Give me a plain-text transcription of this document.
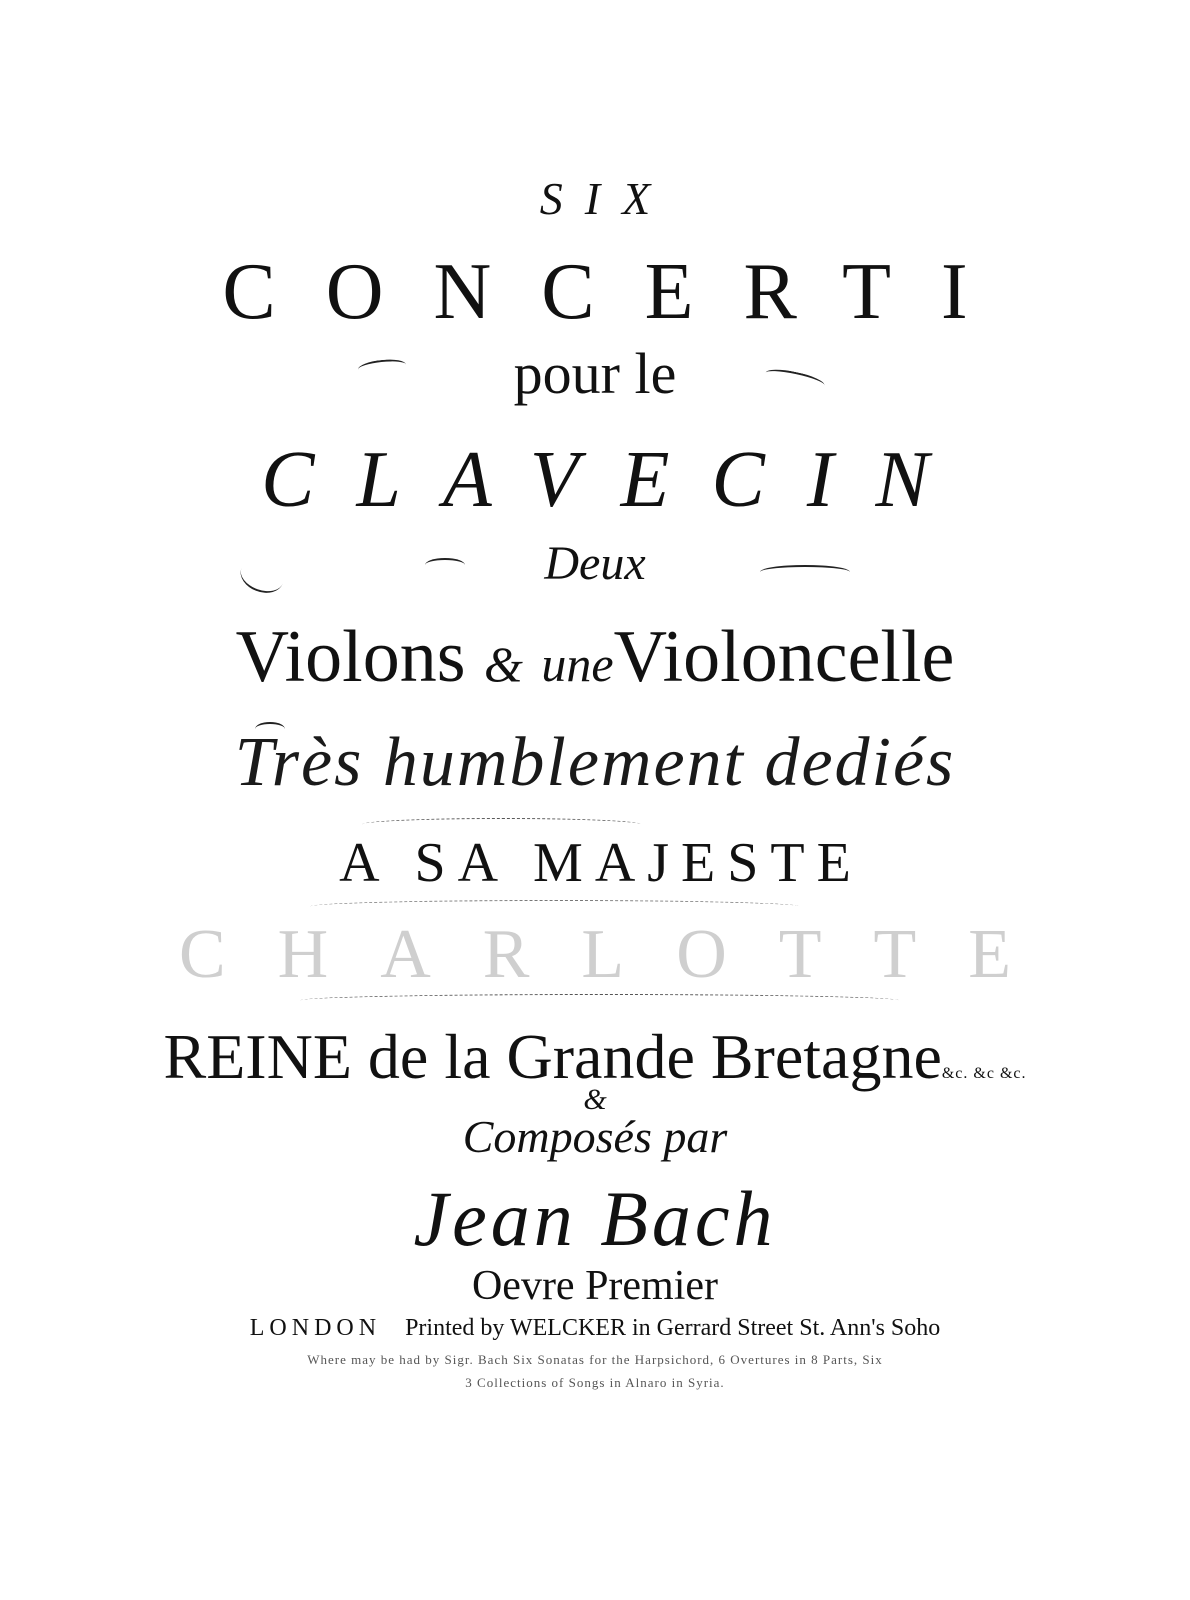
SIX
CONCERTI
pour le
CLAVECIN
Deux
Violons & uneVioloncelle
Très humblement dediés
A SA MAJESTE
CHARLOTTE
REINE de la Grande Bretagne&c. &c &c.
&
Composés par
Jean Bach
Oevre Premier
LONDON Printed by WELCKER in Gerrard Street St. Ann's Soho
Where may be had by Sigr. Bach Six Sonatas for the Harpsichord, 6 Overtures in 8 Parts, Six
3 Collections of Songs in Alnaro in Syria.
